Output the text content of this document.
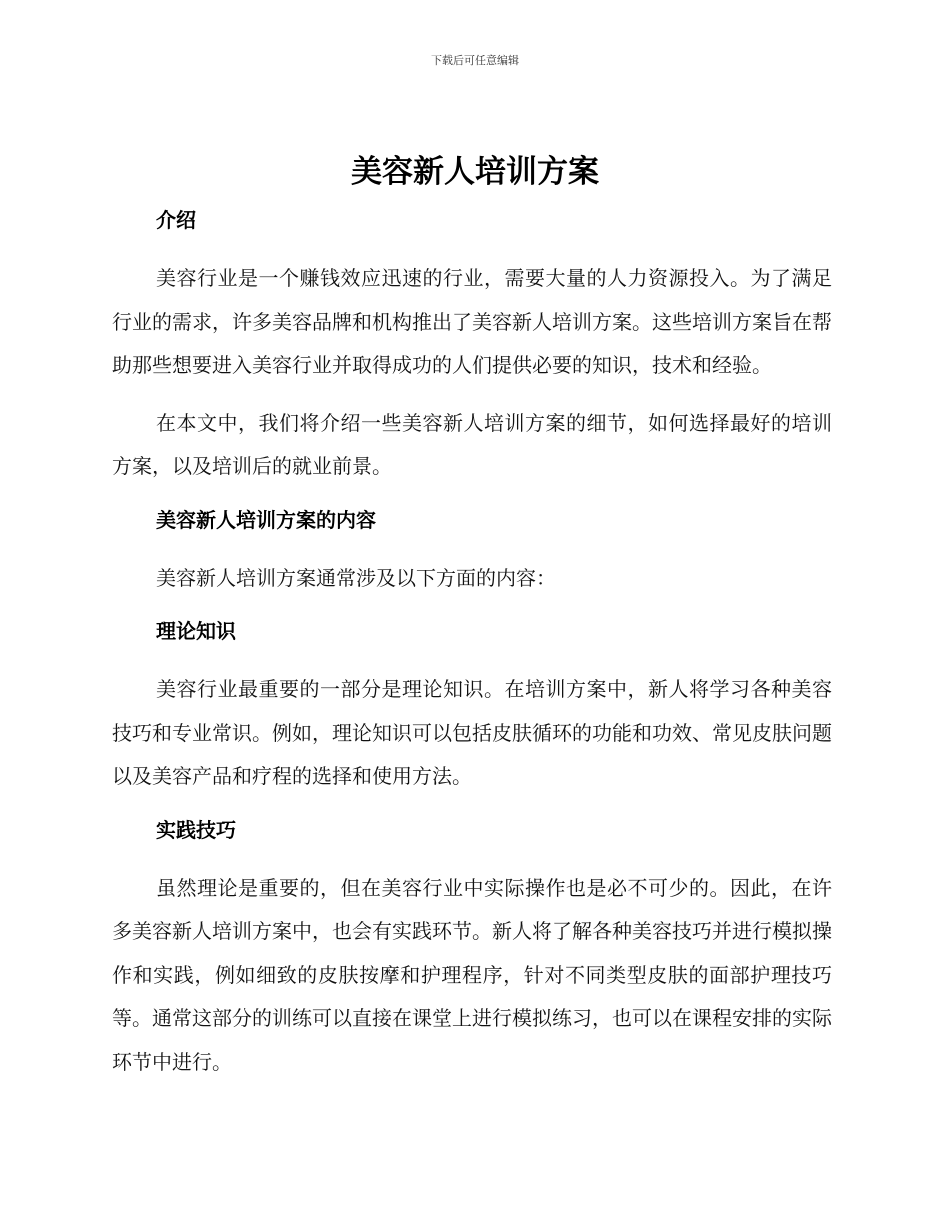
下载后可任意编辑
美容新人培训方案
介绍

美容行业是一个赚钱效应迅速的行业，需要大量的人力资源投入。为了满足行业的需求，许多美容品牌和机构推出了美容新人培训方案。这些培训方案旨在帮助那些想要进入美容行业并取得成功的人们提供必要的知识，技术和经验。

在本文中，我们将介绍一些美容新人培训方案的细节，如何选择最好的培训方案，以及培训后的就业前景。

美容新人培训方案的内容

美容新人培训方案通常涉及以下方面的内容：

理论知识

美容行业最重要的一部分是理论知识。在培训方案中，新人将学习各种美容技巧和专业常识。例如，理论知识可以包括皮肤循环的功能和功效、常见皮肤问题以及美容产品和疗程的选择和使用方法。

实践技巧

虽然理论是重要的，但在美容行业中实际操作也是必不可少的。因此，在许多美容新人培训方案中，也会有实践环节。新人将了解各种美容技巧并进行模拟操作和实践，例如细致的皮肤按摩和护理程序，针对不同类型皮肤的面部护理技巧等。通常这部分的训练可以直接在课堂上进行模拟练习，也可以在课程安排的实际环节中进行。
